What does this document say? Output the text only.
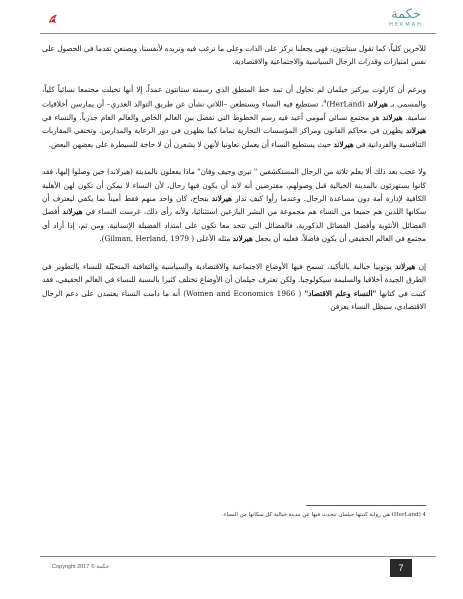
حكمة
HEKMAH

للآخرين كلياً، كما تقول ستانتون، فهي يجعلنا نركز على الذات وعلى ما نرغب فيه ونريده لأنفسنا، ويصنعن تقدما في الحصول على نفس امتيازات وقدرات الرجال السياسية والاجتماعية والاقتصادية.

وبرغم أن كارلوت بيركنز جيلمان لم تحاول أن تمد خط المنطق الذي رسمته ستانتون عمداً، إلا أنها تخيلت مجتمعا نسائياً كلياً، والمسمى بـ هيرلاند (HerLand)$^4$، تستطيع فيه النساء ويستطعن –اللاتي نشأن عن طريق التوالد العذري– أن يمارسن أخلاقيات سامية. هيرلاند هو مجتمع نسائي أمومي أعيد فيه رسم الخطوط التي تفصل بين العالم الخاص والعالم العام جذرياً. والنساء في هيرلاند يظهرن في محاكم القانون ومراكز المؤسسات التجارية تماما كما يظهرن في دور الرعاية والمدارس. وتختفي المقاربات التنافسية والفردانية في هيرلاند حيث يستطيع النساء أن يعملن تعاونيا لأنهن لا يشعرن أن لا حاجة للسيطرة على بعضهن البعض.

ولا عجب بعد ذلك ألا يعلم ثلاثة من الرجال المستكشفين " تيري وجيف وفان" ماذا يفعلون بالمدينة (هيرلاند) حين وصلوا إليها، فقد كانوا يستهزئون بالمدينة الخيالية قبل وصولهم، مفترضين أنه لابد أن يكون فيها رجال، لأن النساء لا يمكن أن تكون لهن الأهلية الكافية لإدارة أمة دون مساعدة الرجال. وعندما رأوا كيف تدار هيرلاند بنجاح، كان واحد منهم فقط أميناً بما يكفي ليعترف أن سكانها اللذين هم جميعا من النساء هم مجموعة من البشر البارعين استثنائيا، ولأنه رأى ذلك، غرست النساء في هيرلاند أفضل الفضائل الأنثوية وأفضل الفضائل الذكورية، فالفضائل التي تتحد معا تكون على امتداد الفضيلة الإنسانية. ومن ثم، إذا أراد أي مجتمع في العالم الحقيقي أن يكون فاضلاً، فعليه أن يجعل هيرلاند مثله الأعلى ( Gilman, Herland, 1979).

إن هيرلاند يوتوبيا خيالية بالتأكيد، تسمح فيها الأوضاع الاجتماعية والاقتصادية والسياسية والثقافية المتخيّلة للنساء بالتطوير في الطرق الجيدة أخلاقيا والسليمة سيكولوجيا. ولكن تعترف جيلمان أن الأوضاع تختلف كثيرا بالنسبة للنساء في العالم الحقيقي، فقد كتبت في كتابها "النساء وعلم الاقتصاد" ( Women and Economics 1966) أنه ما دامت النساء يعتمدن على دعم الرجال الاقتصادي، سيظل النساء يعرفن

4 (HerLand) هي رواية كتبتها جيلمان تتحدث فيها عن مدينة خيالية كل سكانها من النساء.
Copyright 2017 © حكمة	7
